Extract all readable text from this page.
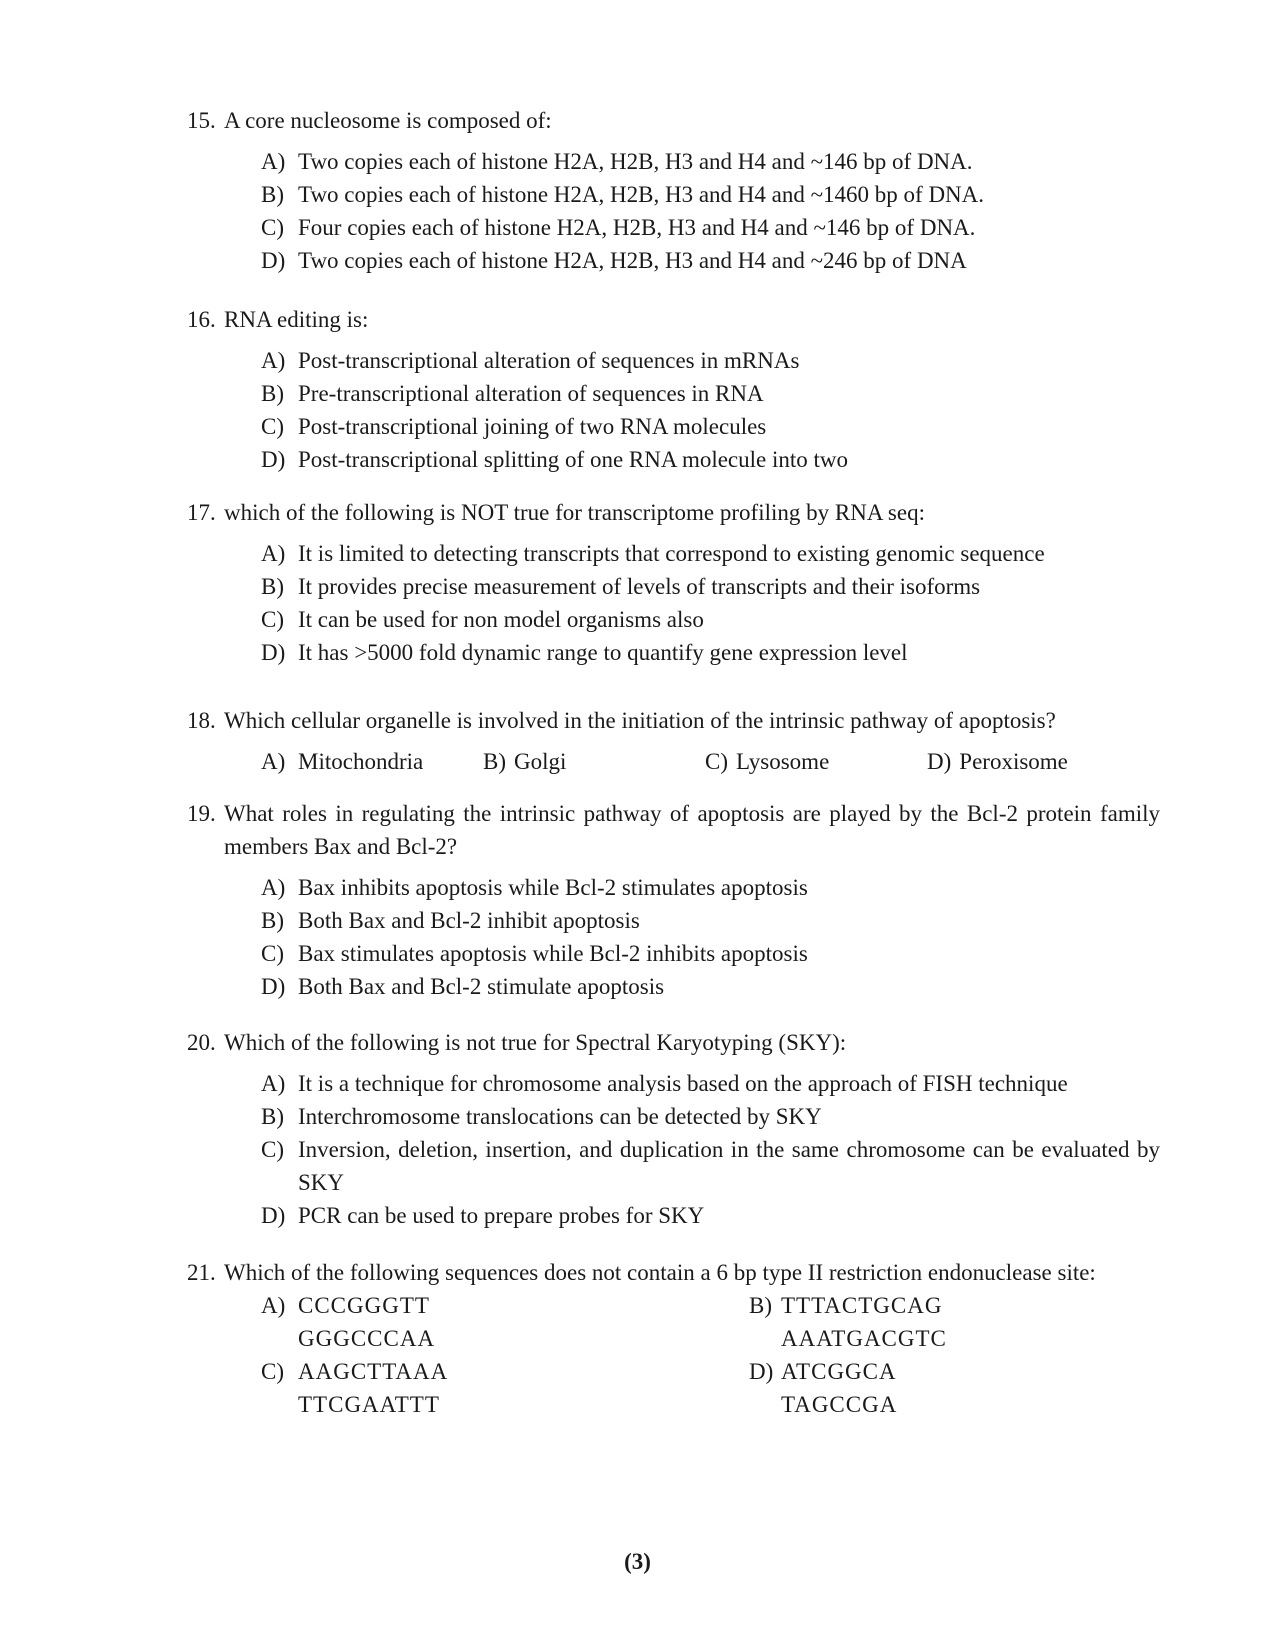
15. A core nucleosome is composed of:
A) Two copies each of histone H2A, H2B, H3 and H4 and ~146 bp of DNA.
B) Two copies each of histone H2A, H2B, H3 and H4 and ~1460 bp of DNA.
C) Four copies each of histone H2A, H2B, H3 and H4 and ~146 bp of DNA.
D) Two copies each of histone H2A, H2B, H3 and H4 and ~246 bp of DNA
16. RNA editing is:
A) Post-transcriptional alteration of sequences in mRNAs
B) Pre-transcriptional alteration of sequences in RNA
C) Post-transcriptional joining of two RNA molecules
D) Post-transcriptional splitting of one RNA molecule into two
17. which of the following is NOT true for transcriptome profiling by RNA seq:
A) It is limited to detecting transcripts that correspond to existing genomic sequence
B) It provides precise measurement of levels of transcripts and their isoforms
C) It can be used for non model organisms also
D) It has >5000 fold dynamic range to quantify gene expression level
18. Which cellular organelle is involved in the initiation of the intrinsic pathway of apoptosis?
A) Mitochondria	B) Golgi	C) Lysosome	D) Peroxisome
19. What roles in regulating the intrinsic pathway of apoptosis are played by the Bcl-2 protein family members Bax and Bcl-2?
A) Bax inhibits apoptosis while Bcl-2 stimulates apoptosis
B) Both Bax and Bcl-2 inhibit apoptosis
C) Bax stimulates apoptosis while Bcl-2 inhibits apoptosis
D) Both Bax and Bcl-2 stimulate apoptosis
20. Which of the following is not true for Spectral Karyotyping (SKY):
A) It is a technique for chromosome analysis based on the approach of FISH technique
B) Interchromosome translocations can be detected by SKY
C) Inversion, deletion, insertion, and duplication in the same chromosome can be evaluated by SKY
D) PCR can be used to prepare probes for SKY
21. Which of the following sequences does not contain a 6 bp type II restriction endonuclease site:
A) CCCGGGTT
GGGCCCAA
B) TTTACTGCAG
AAATGACGTC
C) AAGCTTAAA
TTCGAATTT
D) ATCGGCA
TAGCCGA
(3)
